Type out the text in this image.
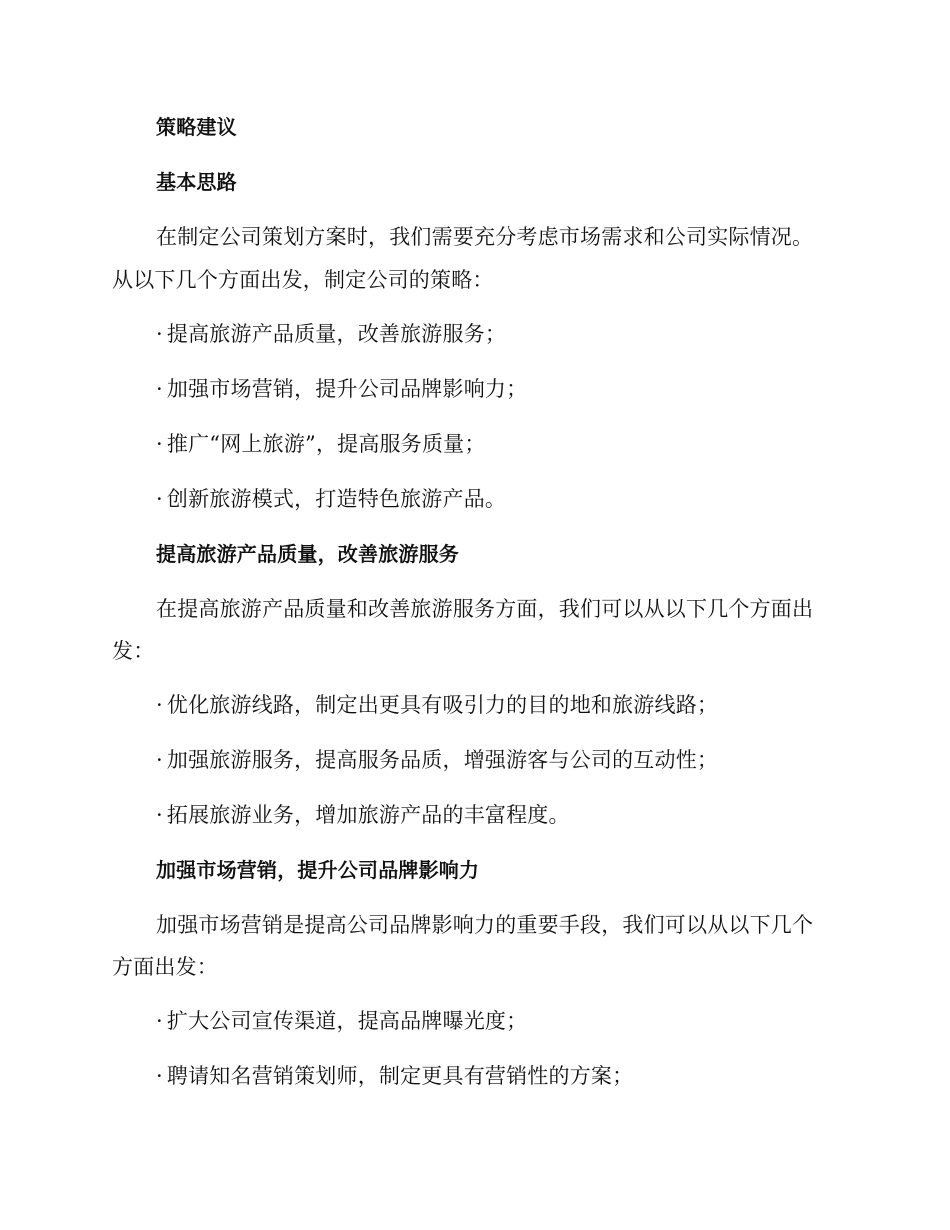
策略建议
基本思路
在制定公司策划方案时，我们需要充分考虑市场需求和公司实际情况。
从以下几个方面出发，制定公司的策略：
· 提高旅游产品质量，改善旅游服务；
· 加强市场营销，提升公司品牌影响力；
· 推广“网上旅游”，提高服务质量；
· 创新旅游模式，打造特色旅游产品。
提高旅游产品质量，改善旅游服务
在提高旅游产品质量和改善旅游服务方面，我们可以从以下几个方面出
发：
· 优化旅游线路，制定出更具有吸引力的目的地和旅游线路；
· 加强旅游服务，提高服务品质，增强游客与公司的互动性；
· 拓展旅游业务，增加旅游产品的丰富程度。
加强市场营销，提升公司品牌影响力
加强市场营销是提高公司品牌影响力的重要手段，我们可以从以下几个
方面出发：
· 扩大公司宣传渠道，提高品牌曝光度；
· 聘请知名营销策划师，制定更具有营销性的方案；
